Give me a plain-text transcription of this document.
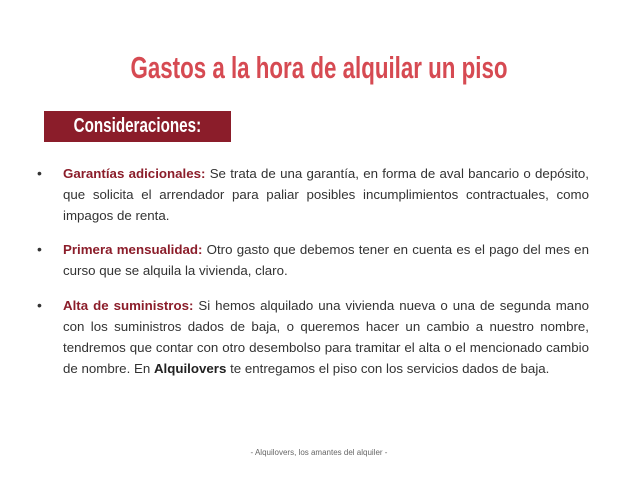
Gastos a la hora de alquilar un piso
Consideraciones:
•	Garantías adicionales: Se trata de una garantía, en forma de aval bancario o depósito, que solicita el arrendador para paliar posibles incumplimientos contractuales, como impagos de renta.
•	Primera mensualidad: Otro gasto que debemos tener en cuenta es el pago del mes en curso que se alquila la vivienda, claro.
•	Alta de suministros: Si hemos alquilado una vivienda nueva o una de segunda mano con los suministros dados de baja, o queremos hacer un cambio a nuestro nombre, tendremos que contar con otro desembolso para tramitar el alta o el mencionado cambio de nombre. En Alquilovers te entregamos el piso con los servicios dados de baja.
- Alquilovers, los amantes del alquiler -
